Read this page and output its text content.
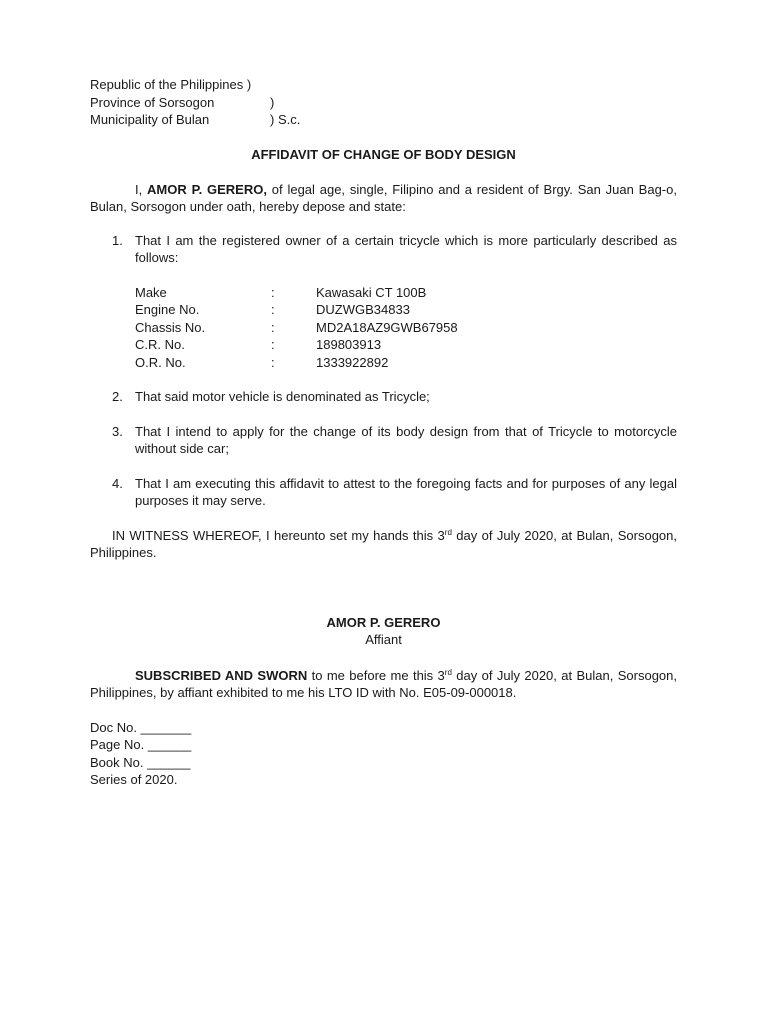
Republic of the Philippines )
Province of Sorsogon	)
Municipality of Bulan	) S.c.
AFFIDAVIT OF CHANGE OF BODY DESIGN

I, AMOR P. GERERO, of legal age, single, Filipino and a resident of Brgy. San Juan Bag-o, Bulan, Sorsogon under oath, hereby depose and state:

1. That I am the registered owner of a certain tricycle which is more particularly described as follows:
Make	:	Kawasaki CT 100B
Engine No.	:	DUZWGB34833
Chassis No.	:	MD2A18AZ9GWB67958
C.R. No.	:	189803913
O.R. No.	:	1333922892
2. That said motor vehicle is denominated as Tricycle;
3. That I intend to apply for the change of its body design from that of Tricycle to motorcycle without side car;
4. That I am executing this affidavit to attest to the foregoing facts and for purposes of any legal purposes it may serve.

IN WITNESS WHEREOF, I hereunto set my hands this 3rd day of July 2020, at Bulan, Sorsogon, Philippines.

AMOR P. GERERO
Affiant

SUBSCRIBED AND SWORN to me before me this 3rd day of July 2020, at Bulan, Sorsogon, Philippines, by affiant exhibited to me his LTO ID with No. E05-09-000018.

Doc No. _______
Page No. ______
Book No. ______
Series of 2020.
